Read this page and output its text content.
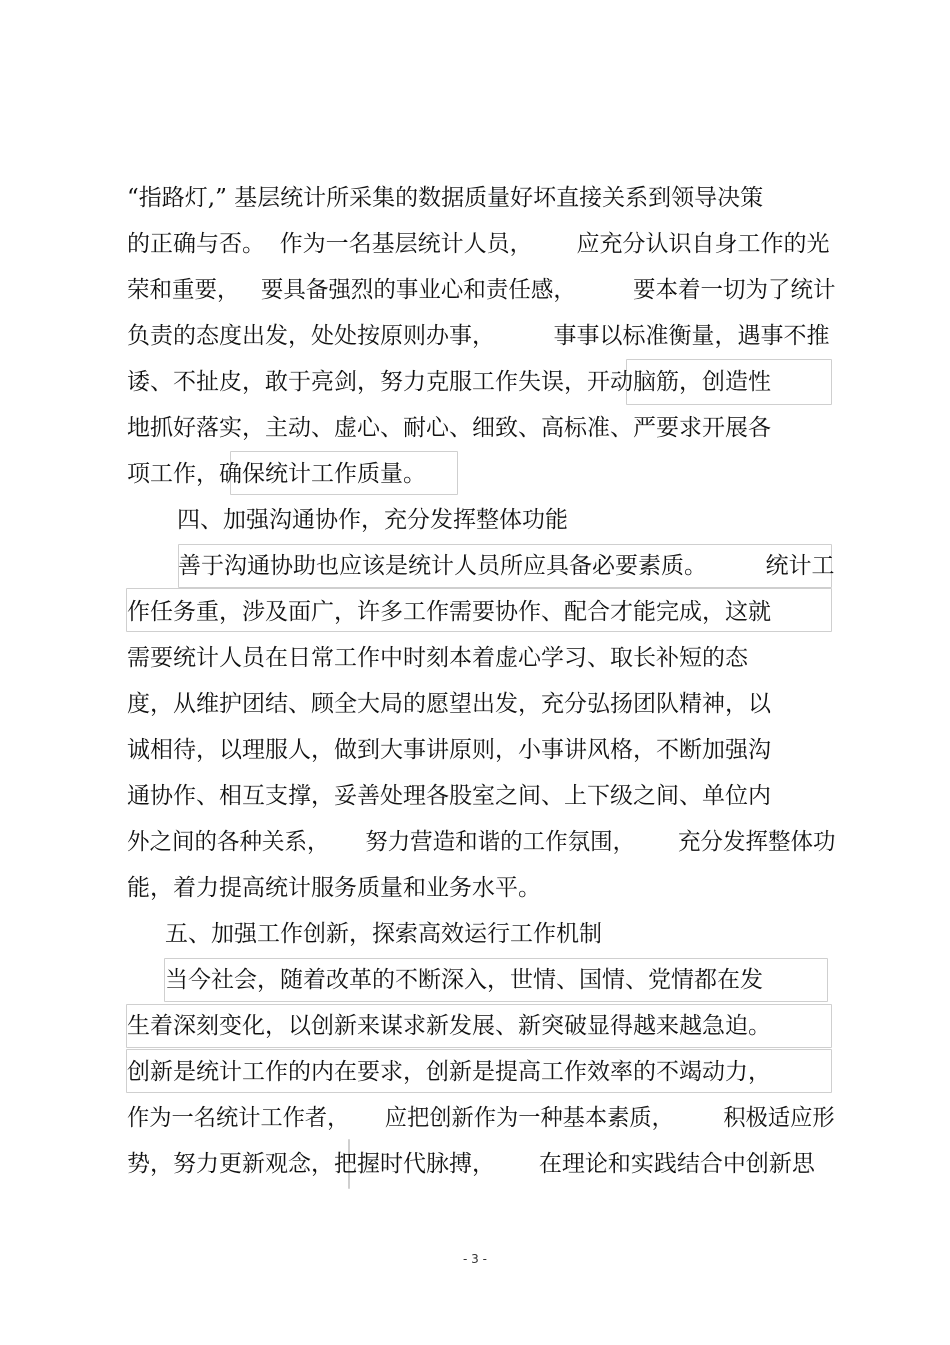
“指路灯,” 基层统计所采集的数据质量好坏直接关系到领导决策
的正确与否。  作为一名基层统计人员，      应充分认识自身工作的光
荣和重要，   要具备强烈的事业心和责任感，        要本着一切为了统计
负责的态度出发，处处按原则办事，        事事以标准衡量，遇事不推
诿、不扯皮，敢于亮剑，努力克服工作失误，开动脑筋，创造性
地抓好落实，主动、虚心、耐心、细致、高标准、严要求开展各
项工作，确保统计工作质量。
四、加强沟通协作，充分发挥整体功能
善于沟通协助也应该是统计人员所应具备必要素质。        统计工
作任务重，涉及面广，许多工作需要协作、配合才能完成，这就
需要统计人员在日常工作中时刻本着虚心学习、取长补短的态
度，从维护团结、顾全大局的愿望出发，充分弘扬团队精神，以
诚相待，以理服人，做到大事讲原则，小事讲风格，不断加强沟
通协作、相互支撑，妥善处理各股室之间、上下级之间、单位内
外之间的各种关系，     努力营造和谐的工作氛围，      充分发挥整体功
能，着力提高统计服务质量和业务水平。
五、加强工作创新，探索高效运行工作机制
当今社会，随着改革的不断深入，世情、国情、党情都在发
生着深刻变化，以创新来谋求新发展、新突破显得越来越急迫。
创新是统计工作的内在要求，创新是提高工作效率的不竭动力，
作为一名统计工作者，     应把创新作为一种基本素质，       积极适应形
势，努力更新观念，把握时代脉搏，      在理论和实践结合中创新思
- 3 -
